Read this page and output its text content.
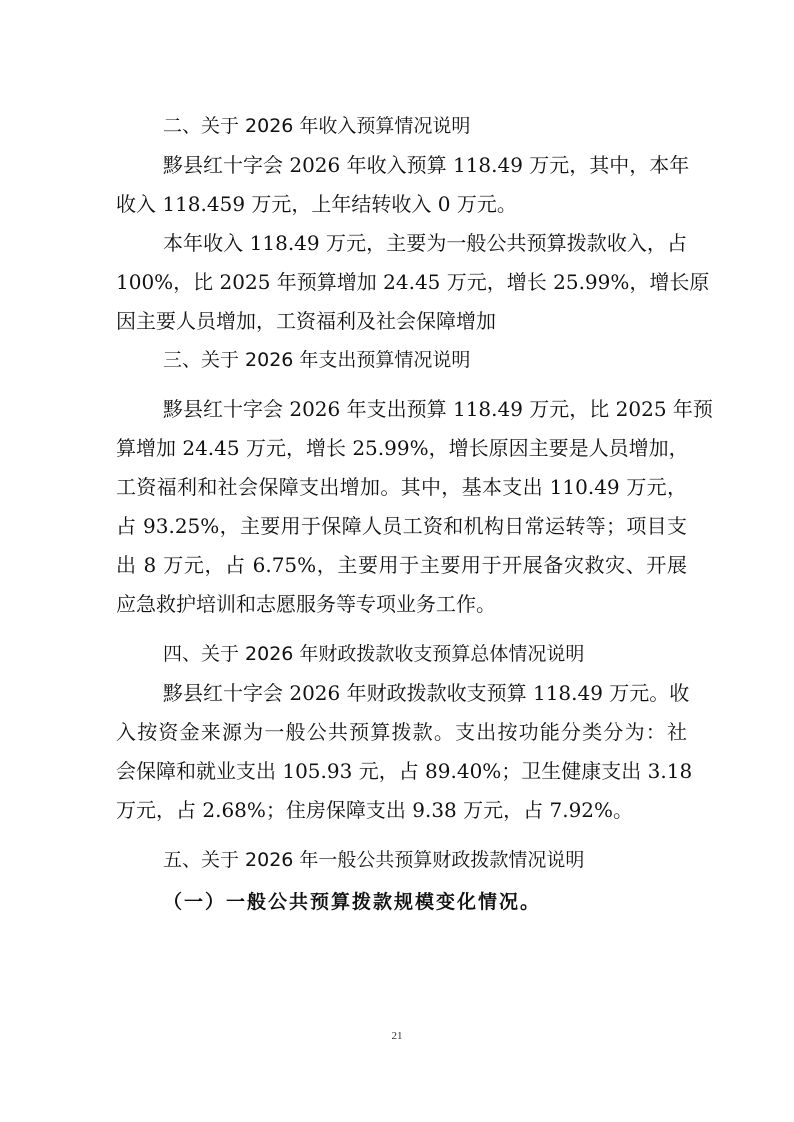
二、关于 2026 年收入预算情况说明
黟县红十字会 2026 年收入预算 118.49 万元，其中，本年
收入 118.459 万元，上年结转收入 0 万元。
本年收入 118.49 万元，主要为一般公共预算拨款收入，占
100%，比 2025 年预算增加 24.45 万元，增长 25.99%，增长原
因主要人员增加，工资福利及社会保障增加
三、关于 2026 年支出预算情况说明
黟县红十字会 2026 年支出预算 118.49 万元，比 2025 年预
算增加 24.45 万元，增长 25.99%，增长原因主要是人员增加，
工资福利和社会保障支出增加。其中，基本支出 110.49 万元，
占 93.25%，主要用于保障人员工资和机构日常运转等；项目支
出 8 万元，占 6.75%，主要用于主要用于开展备灾救灾、开展
应急救护培训和志愿服务等专项业务工作。
四、关于 2026 年财政拨款收支预算总体情况说明
黟县红十字会 2026 年财政拨款收支预算 118.49 万元。收
入按资金来源为一般公共预算拨款。支出按功能分类分为：社
会保障和就业支出 105.93 元，占 89.40%；卫生健康支出 3.18
万元，占 2.68%；住房保障支出 9.38 万元，占 7.92%。
五、关于 2026 年一般公共预算财政拨款情况说明
（一）一般公共预算拨款规模变化情况。
21
